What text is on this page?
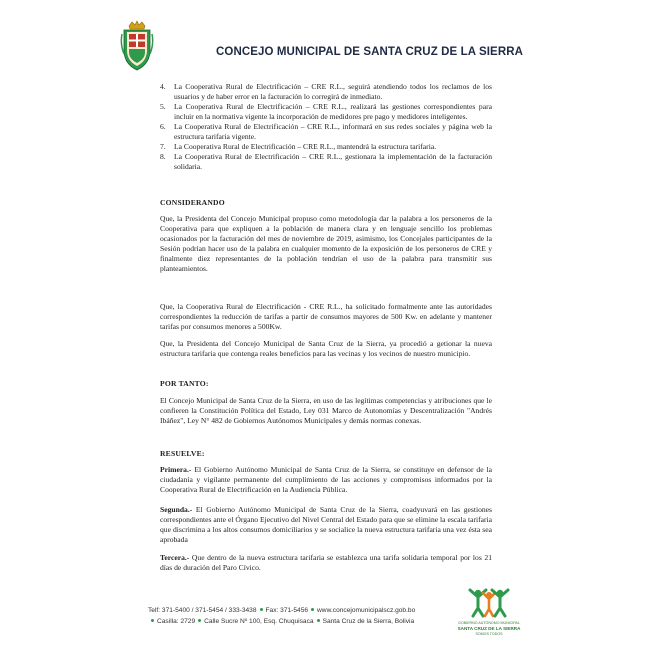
CONCEJO MUNICIPAL DE SANTA CRUZ DE LA SIERRA
4. La Cooperativa Rural de Electrificación – CRE R.L., seguirá atendiendo todos los reclamos de los usuarios y de haber error en la facturación lo corregirá de inmediato.
5. La Cooperativa Rural de Electrificación – CRE R.L., realizará las gestiones correspondientes para incluir en la normativa vigente la incorporación de medidores pre pago y medidores inteligentes.
6. La Cooperativa Rural de Electrificación – CRE R.L., informará en sus redes sociales y página web la estructura tarifaria vigente.
7. La Cooperativa Rural de Electrificación – CRE R.L., mantendrá la estructura tarifaria.
8. La Cooperativa Rural de Electrificación – CRE R.L., gestionara la implementación de la facturación solidaria.
CONSIDERANDO
Que, la Presidenta del Concejo Municipal propuso como metodología dar la palabra a los personeros de la Cooperativa para que expliquen a la población de manera clara y en lenguaje sencillo los problemas ocasionados por la facturación del mes de noviembre de 2019, asimismo, los Concejales participantes de la Sesión podrían hacer uso de la palabra en cualquier momento de la exposición de los personeros de CRE y finalmente diez representantes de la población tendrían el uso de la palabra para transmitir sus planteamientos.
Que, la Cooperativa Rural de Electrificación - CRE R.L., ha solicitado formalmente ante las autoridades correspondientes la reducción de tarifas a partir de consumos mayores de 500 Kw. en adelante y mantener tarifas por consumos menores a 500Kw.
Que, la Presidenta del Concejo Municipal de Santa Cruz de la Sierra, ya procedió a getionar la nueva estructura tarifaria que contenga reales beneficios para las vecinas y los vecinos de nuestro municipio.
POR TANTO:
El Concejo Municipal de Santa Cruz de la Sierra, en uso de las legítimas competencias y atribuciones que le confieren la Constitución Política del Estado, Ley 031 Marco de Autonomías y Descentralización "Andrés Ibáñez", Ley N° 482 de Gobiernos Autónomos Municipales y demás normas conexas.
RESUELVE:
Primera.- El Gobierno Autónomo Municipal de Santa Cruz de la Sierra, se constituye en defensor de la ciudadanía y vigilante permanente del cumplimiento de las acciones y compromisos informados por la Cooperativa Rural de Electrificación en la Audiencia Pública.
Segunda.- El Gobierno Autónomo Municipal de Santa Cruz de la Sierra, coadyuvará en las gestiones correspondientes ante el Órgano Ejecutivo del Nivel Central del Estado para que se elimine la escala tarifaria que discrimina a los altos consumos domiciliarios y se socialice la nueva estructura tarifaria una vez ésta sea aprobada
Tercera.- Que dentro de la nueva estructura tarifaria se establezca una tarifa solidaria temporal por los 21 días de duración del Paro Cívico.
Telf: 371-5400 / 371-5454 / 333-3438 Fax: 371-5456 www.concejomunicipalscz.gob.bo
Casilla: 2729 Calle Sucre Nº 100, Esq. Chuquisaca Santa Cruz de la Sierra, Bolivia	GOBIERNO AUTÓNOMO MUNICIPAL
SANTA CRUZ DE LA SIERRA
SOMOS TODOS
